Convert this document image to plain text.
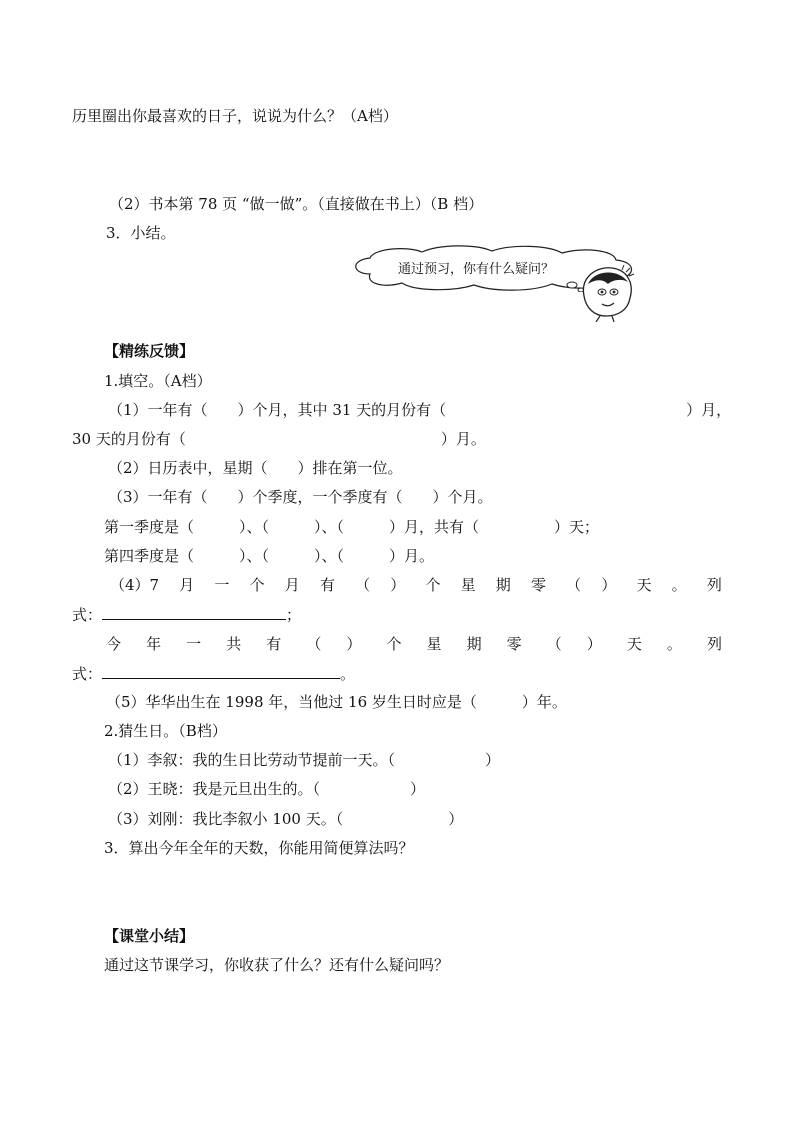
历里圈出你最喜欢的日子，说说为什么？（A档）
（2）书本第 78 页 “做一做”。（直接做在书上）（B 档）
3．小结。
通过预习，你有什么疑问？
【精练反馈】
1.填空。（A档）
（1）一年有（　　）个月，其中 31 天的月份有（　　　　　　　　　　　　　　　　）月，
30 天的月份有（　　　　　　　　　　　　　　　　　）月。
（2）日历表中，星期（　　）排在第一位。
（3）一年有（　　）个季度，一个季度有（　　）个月。
第一季度是（　　　）、（　　　）、（　　　）月，共有（　　　　　）天；
第四季度是（　　　）、（　　　）、（　　　）月。
（4）7 月 一 个 月 有 （ ） 个 星 期 零 （ ） 天 。 列
式：	；
今 年 一 共 有 （ ） 个 星 期 零 （ ） 天 。 列
式：	。
（5）华华出生在 1998 年，当他过 16 岁生日时应是（　　　）年。
2.猜生日。（B档）
（1）李叙：我的生日比劳动节提前一天。（　　　　　　）
（2）王晓：我是元旦出生的。（　　　　　　）
（3）刘刚：我比李叙小 100 天。（　　　　　　　）
3．算出今年全年的天数，你能用简便算法吗？
【课堂小结】
通过这节课学习，你收获了什么？还有什么疑问吗？
